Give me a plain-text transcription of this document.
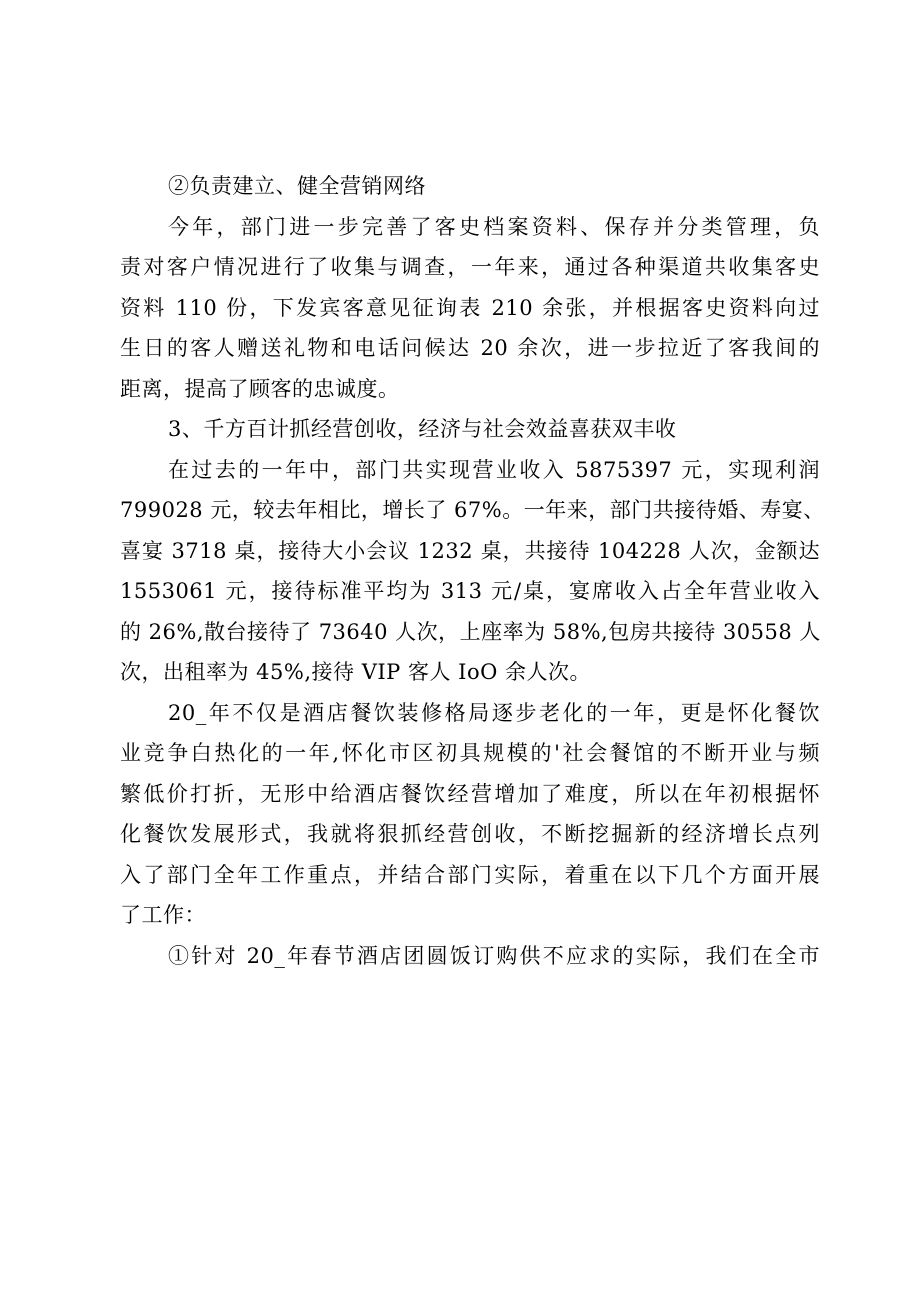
②负责建立、健全营销网络
今年，部门进一步完善了客史档案资料、保存并分类管理，负
责对客户情况进行了收集与调查，一年来，通过各种渠道共收集客史
资料 110 份，下发宾客意见征询表 210 余张，并根据客史资料向过
生日的客人赠送礼物和电话问候达 20 余次，进一步拉近了客我间的
距离，提高了顾客的忠诚度。
3、千方百计抓经营创收，经济与社会效益喜获双丰收
在过去的一年中，部门共实现营业收入 5875397 元，实现利润
799028 元，较去年相比，增长了 67%。一年来，部门共接待婚、寿宴、
喜宴 3718 桌，接待大小会议 1232 桌，共接待 104228 人次，金额达
1553061 元，接待标准平均为 313 元/桌，宴席收入占全年营业收入
的 26%,散台接待了 73640 人次，上座率为 58%,包房共接待 30558 人
次，出租率为 45%,接待 VIP 客人 IoO 余人次。
20_年不仅是酒店餐饮装修格局逐步老化的一年，更是怀化餐饮
业竞争白热化的一年,怀化市区初具规模的'社会餐馆的不断开业与频
繁低价打折，无形中给酒店餐饮经营增加了难度，所以在年初根据怀
化餐饮发展形式，我就将狠抓经营创收，不断挖掘新的经济增长点列
入了部门全年工作重点，并结合部门实际，着重在以下几个方面开展
了工作：
①针对 20_年春节酒店团圆饭订购供不应求的实际，我们在全市
